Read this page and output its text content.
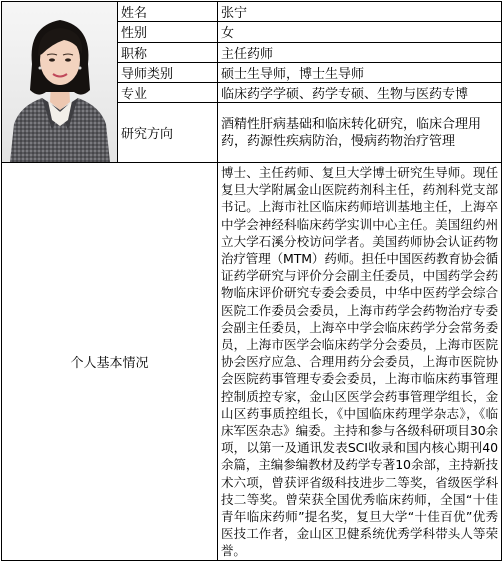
	姓名	张宁
	性别	女
	职称	主任药师
	导师类别	硕士生导师，博士生导师
	专业	临床药学学硕、药学专硕、生物与医药专博
	研究方向	酒精性肝病基础和临床转化研究，临床合理用药，药源性疾病防治，慢病药物治疗管理
个人基本情况		博士、主任药师、复旦大学博士研究生导师。现任复旦大学附属金山医院药剂科主任，药剂科党支部书记。上海市社区临床药师培训基地主任，上海卒中学会神经科临床药学实训中心主任。美国纽约州立大学石溪分校访问学者。美国药师协会认证药物治疗管理（MTM）药师。担任中国医药教育协会循证药学研究与评价分会副主任委员，中国药学会药物临床评价研究专委会委员，中华中医药学会综合医院工作委员会委员，上海市药学会药物治疗专委会副主任委员，上海卒中学会临床药学分会常务委员，上海市医学会临床药学分会委员，上海市医院协会医疗应急、合理用药分会委员，上海市医院协会医院药事管理专委会委员，上海市临床药事管理控制质控专家，金山区医学会药事管理学组长，金山区药事质控组长，《中国临床药理学杂志》，《临床军医杂志》编委。主持和参与各级科研项目30余项，以第一及通讯发表SCI收录和国内核心期刊40余篇，主编参编教材及药学专著10余部，主持新技术六项，曾获评省级科技进步二等奖，省级医学科技二等奖。曾荣获全国优秀临床药师，全国“十佳青年临床药师”提名奖，复旦大学“十佳百优”优秀医技工作者，金山区卫健系统优秀学科带头人等荣誉。
